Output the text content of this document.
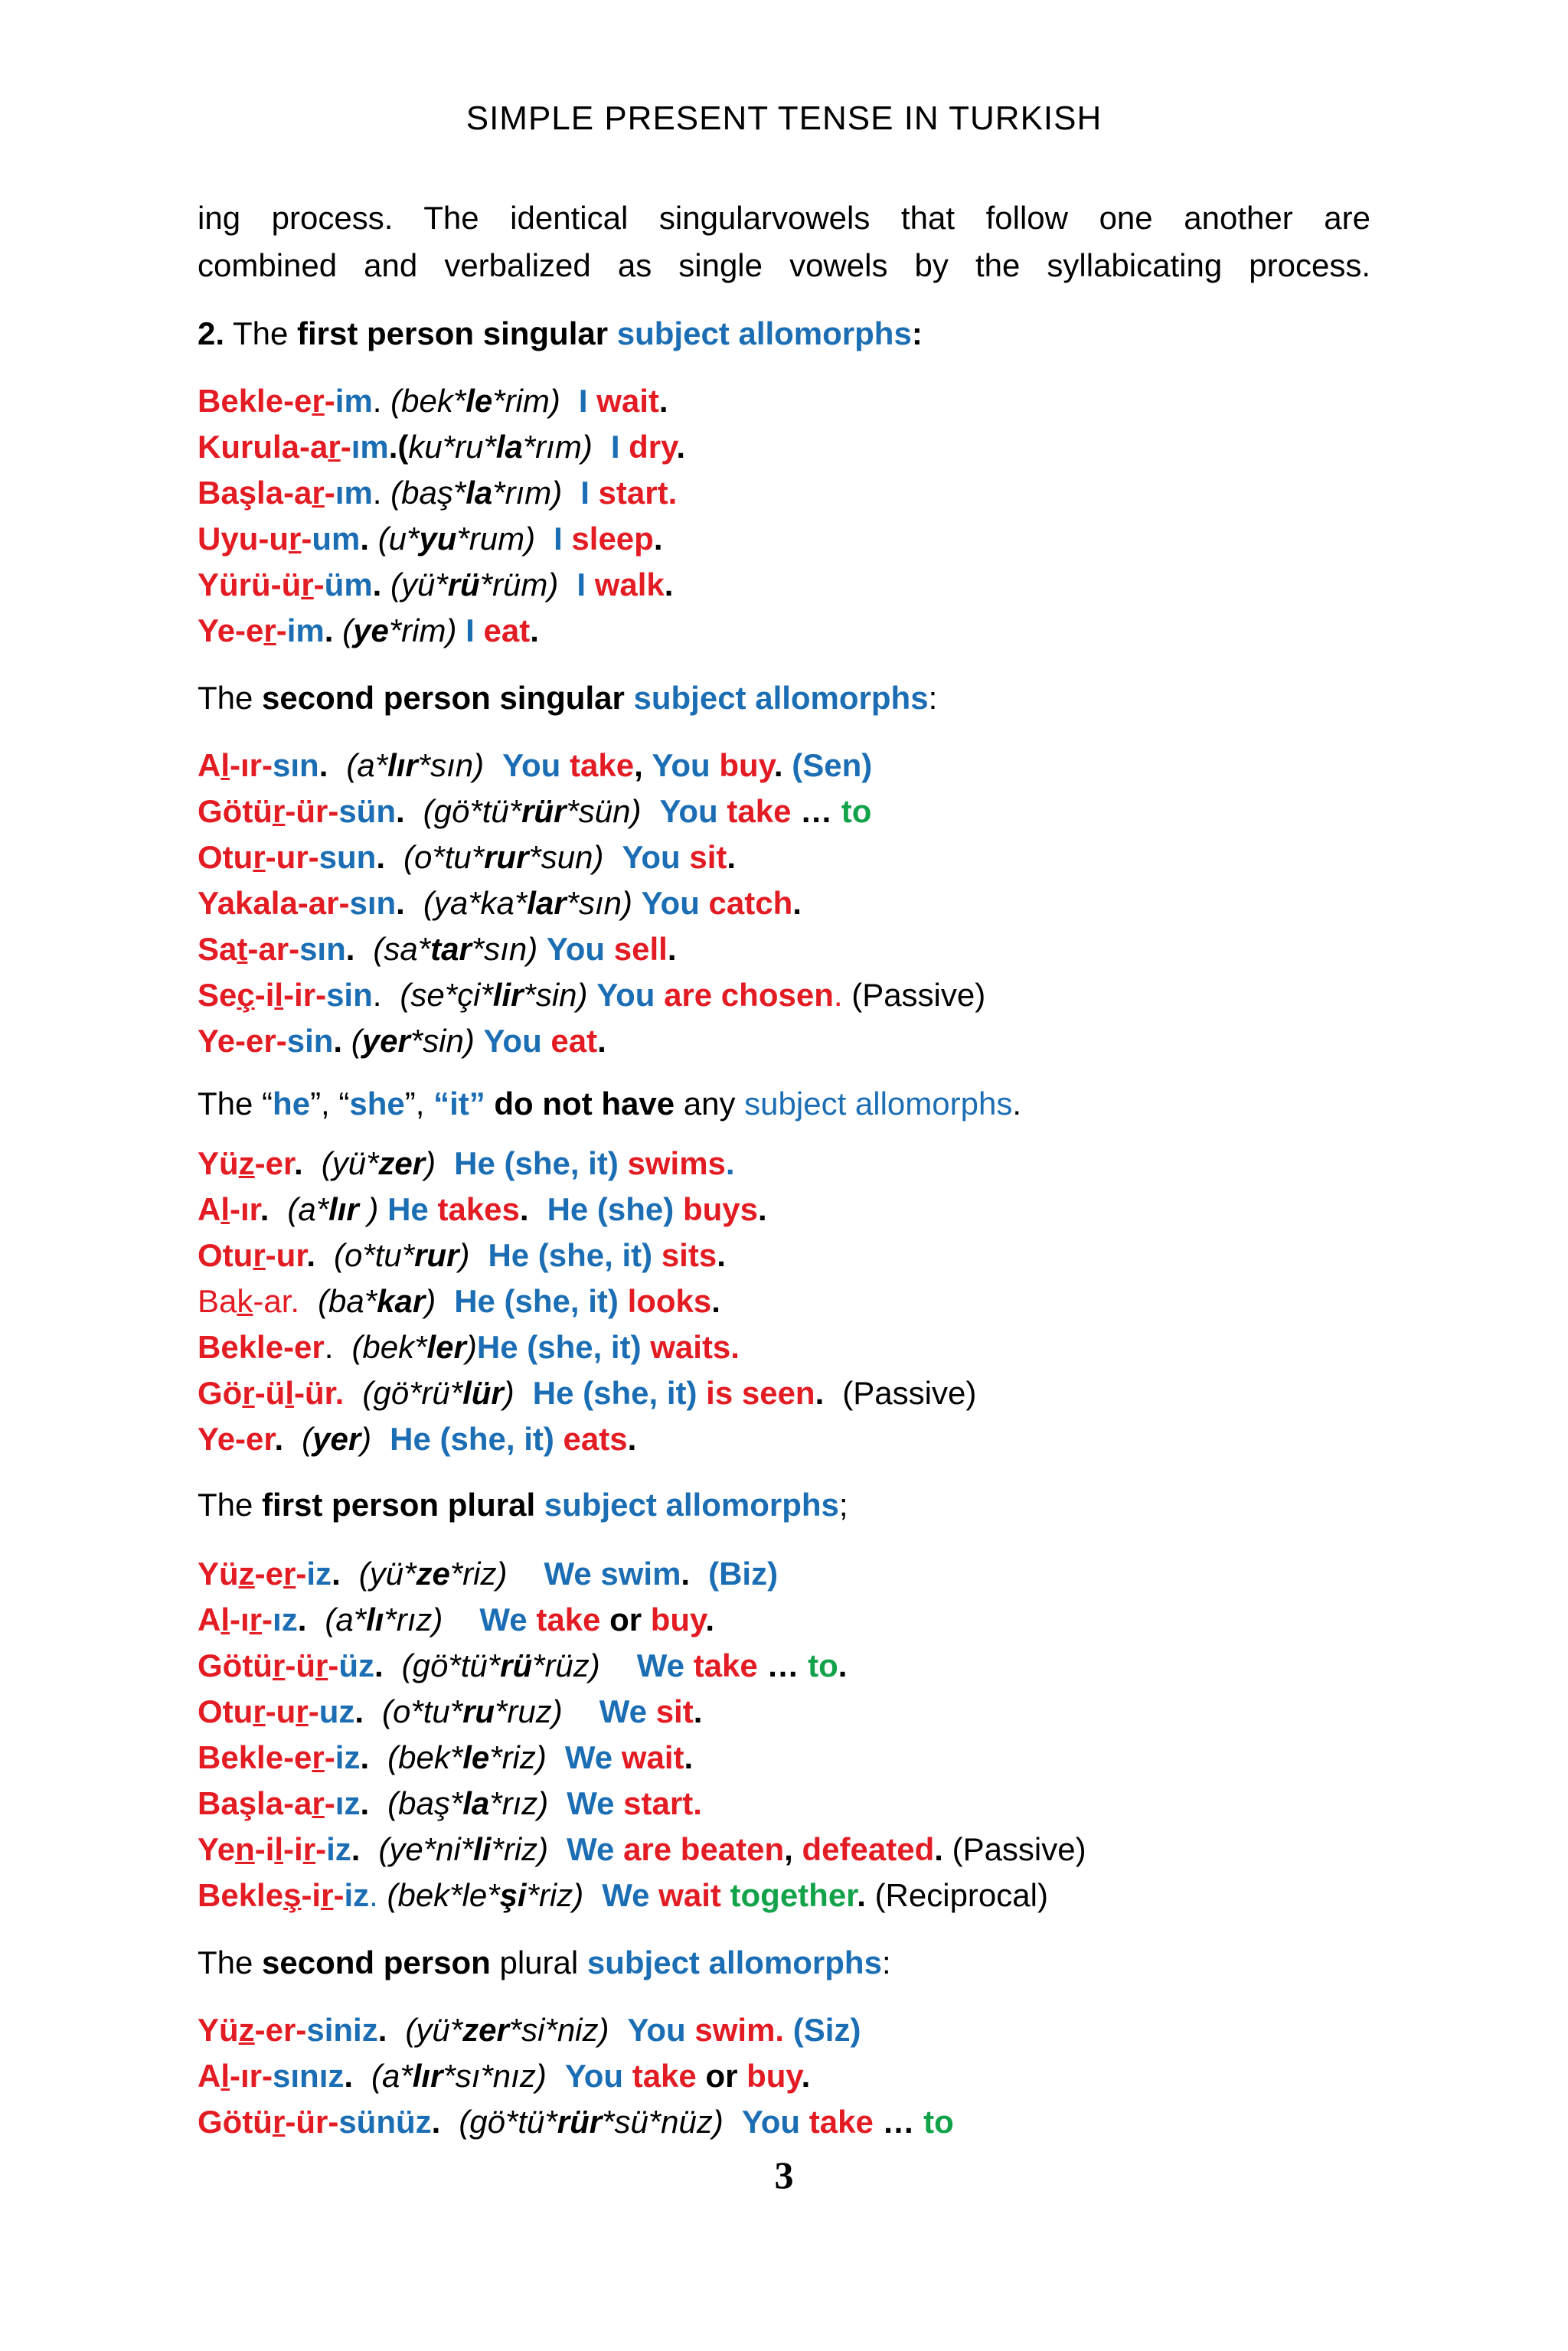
SIMPLE PRESENT TENSE IN TURKISH
ing process. The identical singularvowels that follow one another are
combined and verbalized as single vowels by the syllabicating process.
2. The first person singular subject allomorphs:
Bekle-er-im. (bek*le*rim) I wait.
Kurula-ar-ım.(ku*ru*la*rım) I dry.
Başla-ar-ım. (baş*la*rım) I start.
Uyu-ur-um. (u*yu*rum) I sleep.
Yürü-ür-üm. (yü*rü*rüm) I walk.
Ye-er-im. (ye*rim) I eat.
The second person singular subject allomorphs:
Al-ır-sın. (a*lır*sın) You take, You buy. (Sen)
Götür-ür-sün. (gö*tü*rür*sün) You take … to
Otur-ur-sun. (o*tu*rur*sun) You sit.
Yakala-ar-sın. (ya*ka*lar*sın) You catch.
Sat-ar-sın. (sa*tar*sın) You sell.
Seç-il-ir-sin. (se*çi*lir*sin) You are chosen. (Passive)
Ye-er-sin. (yer*sin) You eat.
The “he”, “she”, “it” do not have any subject allomorphs.
Yüz-er. (yü*zer) He (she, it) swims.
Al-ır. (a*lır ) He takes. He (she) buys.
Otur-ur. (o*tu*rur) He (she, it) sits.
Bak-ar. (ba*kar) He (she, it) looks.
Bekle-er. (bek*ler)He (she, it) waits.
Gör-ül-ür. (gö*rü*lür) He (she, it) is seen. (Passive)
Ye-er. (yer) He (she, it) eats.
The first person plural subject allomorphs;
Yüz-er-iz. (yü*ze*riz) We swim. (Biz)
Al-ır-ız. (a*lı*rız) We take or buy.
Götür-ür-üz. (gö*tü*rü*rüz) We take … to.
Otur-ur-uz. (o*tu*ru*ruz) We sit.
Bekle-er-iz. (bek*le*riz) We wait.
Başla-ar-ız. (baş*la*rız) We start.
Yen-il-ir-iz. (ye*ni*li*riz) We are beaten, defeated. (Passive)
Bekleş-ir-iz. (bek*le*şi*riz) We wait together. (Reciprocal)
The second person plural subject allomorphs:
Yüz-er-siniz. (yü*zer*si*niz) You swim. (Siz)
Al-ır-sınız. (a*lır*sı*nız) You take or buy.
Götür-ür-sünüz. (gö*tü*rür*sü*nüz) You take … to
3
